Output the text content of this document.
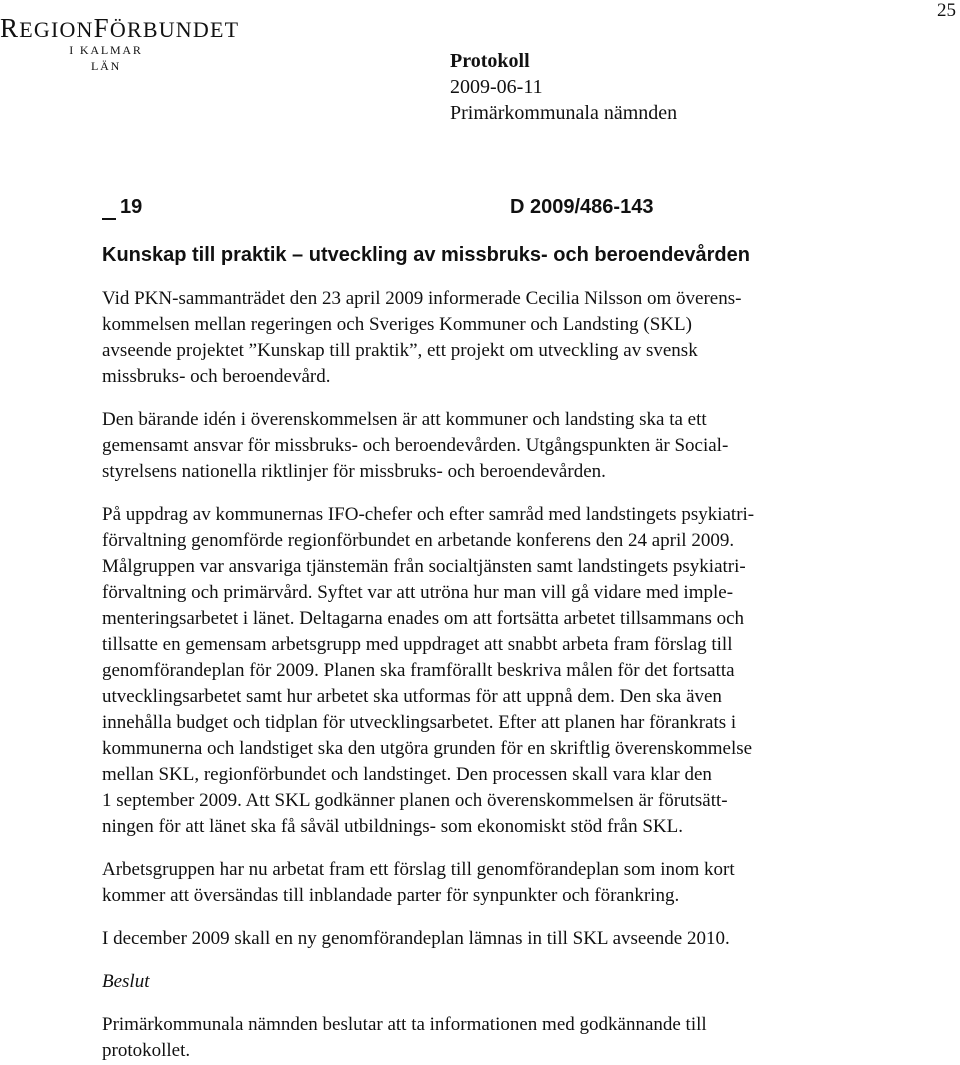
25
REGIONFÖRBUNDET
I KALMAR LÄN	Protokoll
2009-06-11
Primärkommunala nämnden
19	D 2009/486-143
Kunskap till praktik – utveckling av missbruks- och beroendevården

Vid PKN-sammanträdet den 23 april 2009 informerade Cecilia Nilsson om överens-
kommelsen mellan regeringen och Sveriges Kommuner och Landsting (SKL)
avseende projektet ”Kunskap till praktik”, ett projekt om utveckling av svensk
missbruks- och beroendevård.

Den bärande idén i överenskommelsen är att kommuner och landsting ska ta ett
gemensamt ansvar för missbruks- och beroendevården. Utgångspunkten är Social-
styrelsens nationella riktlinjer för missbruks- och beroendevården.

På uppdrag av kommunernas IFO-chefer och efter samråd med landstingets psykiatri-
förvaltning genomförde regionförbundet en arbetande konferens den 24 april 2009.
Målgruppen var ansvariga tjänstemän från socialtjänsten samt landstingets psykiatri-
förvaltning och primärvård. Syftet var att utröna hur man vill gå vidare med imple-
menteringsarbetet i länet. Deltagarna enades om att fortsätta arbetet tillsammans och
tillsatte en gemensam arbetsgrupp med uppdraget att snabbt arbeta fram förslag till
genomförandeplan för 2009. Planen ska framförallt beskriva målen för det fortsatta
utvecklingsarbetet samt hur arbetet ska utformas för att uppnå dem. Den ska även
innehålla budget och tidplan för utvecklingsarbetet. Efter att planen har förankrats i
kommunerna och landstiget ska den utgöra grunden för en skriftlig överenskommelse
mellan SKL, regionförbundet och landstinget. Den processen skall vara klar den
1 september 2009. Att SKL godkänner planen och överenskommelsen är förutsätt-
ningen för att länet ska få såväl utbildnings- som ekonomiskt stöd från SKL.

Arbetsgruppen har nu arbetat fram ett förslag till genomförandeplan som inom kort
kommer att översändas till inblandade parter för synpunkter och förankring.

I december 2009 skall en ny genomförandeplan lämnas in till SKL avseende 2010.

Beslut

Primärkommunala nämnden beslutar att ta informationen med godkännande till
protokollet.
